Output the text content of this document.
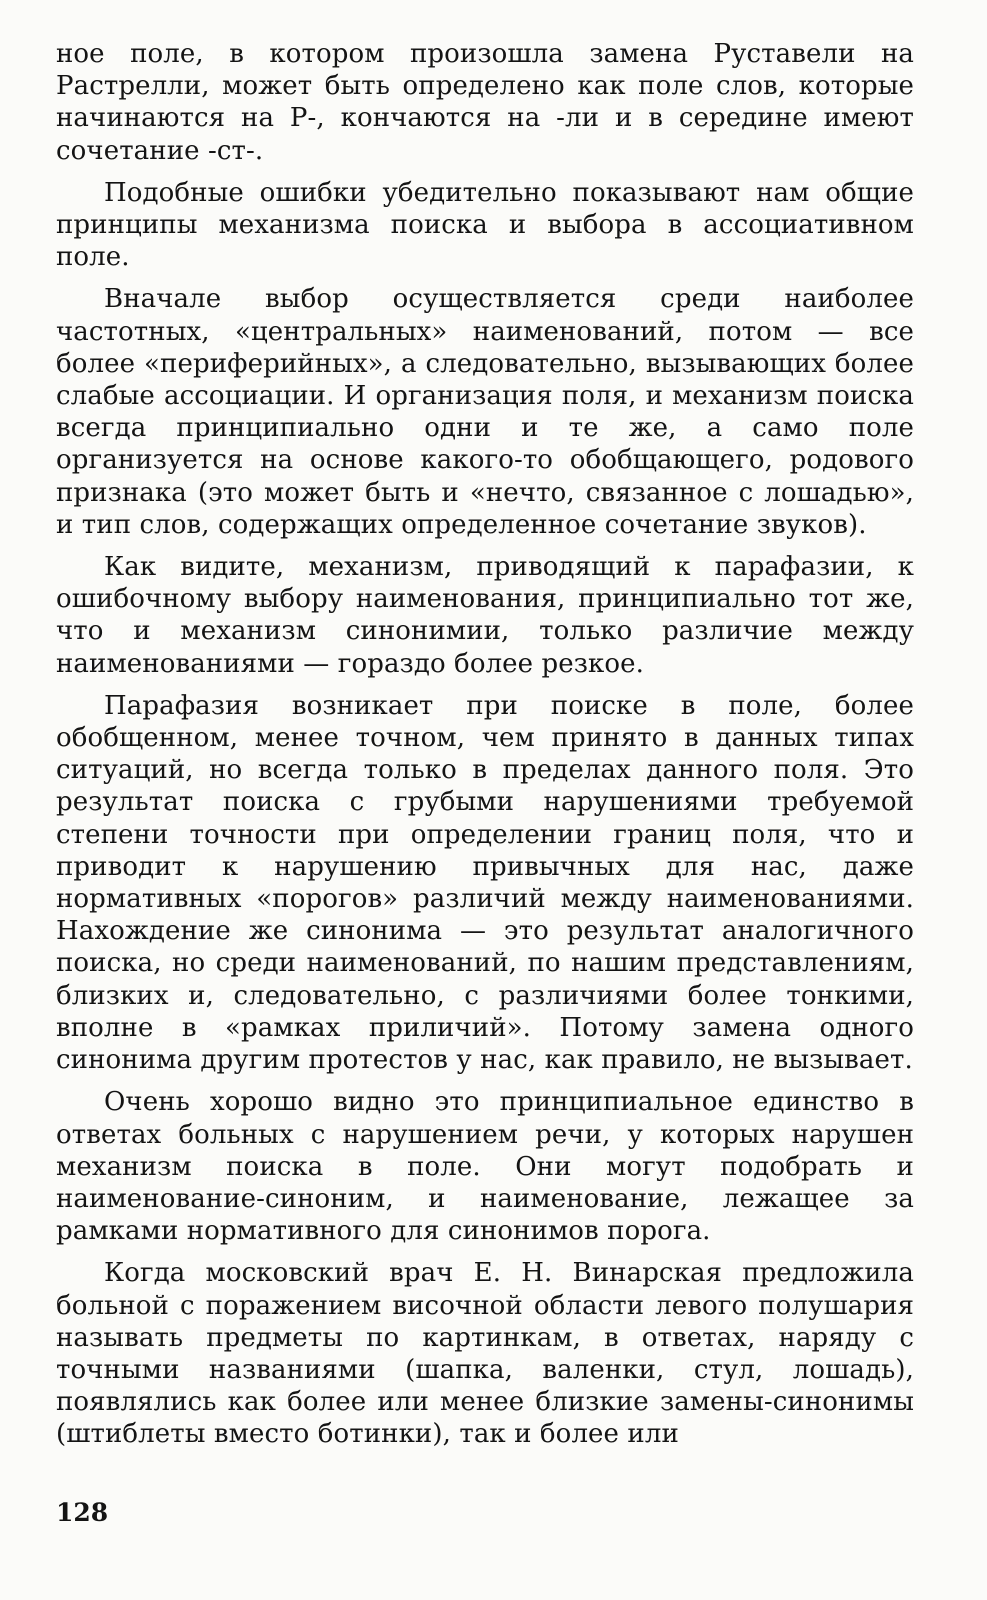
ное поле, в котором произошла замена Руставели на Растрелли, может быть определено как поле слов, которые начинаются на Р-, кончаются на -ли и в середине имеют сочетание -ст-.

Подобные ошибки убедительно показывают нам общие принципы механизма поиска и выбора в ассоциативном поле.

Вначале выбор осуществляется среди наиболее частотных, «центральных» наименований, потом — все более «периферийных», а следовательно, вызывающих более слабые ассоциации. И организация поля, и механизм поиска всегда принципиально одни и те же, а само поле организуется на основе какого-то обобщающего, родового признака (это может быть и «нечто, связанное с лошадью», и тип слов, содержащих определенное сочетание звуков).

Как видите, механизм, приводящий к парафазии, к ошибочному выбору наименования, принципиально тот же, что и механизм синонимии, только различие между наименованиями — гораздо более резкое.

Парафазия возникает при поиске в поле, более обобщенном, менее точном, чем принято в данных типах ситуаций, но всегда только в пределах данного поля. Это результат поиска с грубыми нарушениями требуемой степени точности при определении границ поля, что и приводит к нарушению привычных для нас, даже нормативных «порогов» различий между наименованиями. Нахождение же синонима — это результат аналогичного поиска, но среди наименований, по нашим представлениям, близких и, следовательно, с различиями более тонкими, вполне в «рамках приличий». Потому замена одного синонима другим протестов у нас, как правило, не вызывает.

Очень хорошо видно это принципиальное единство в ответах больных с нарушением речи, у которых нарушен механизм поиска в поле. Они могут подобрать и наименование-синоним, и наименование, лежащее за рамками нормативного для синонимов порога.

Когда московский врач Е. Н. Винарская предложила больной с поражением височной области левого полушария называть предметы по картинкам, в ответах, наряду с точными названиями (шапка, валенки, стул, лошадь), появлялись как более или менее близкие замены-синонимы (штиблеты вместо ботинки), так и более или

128
